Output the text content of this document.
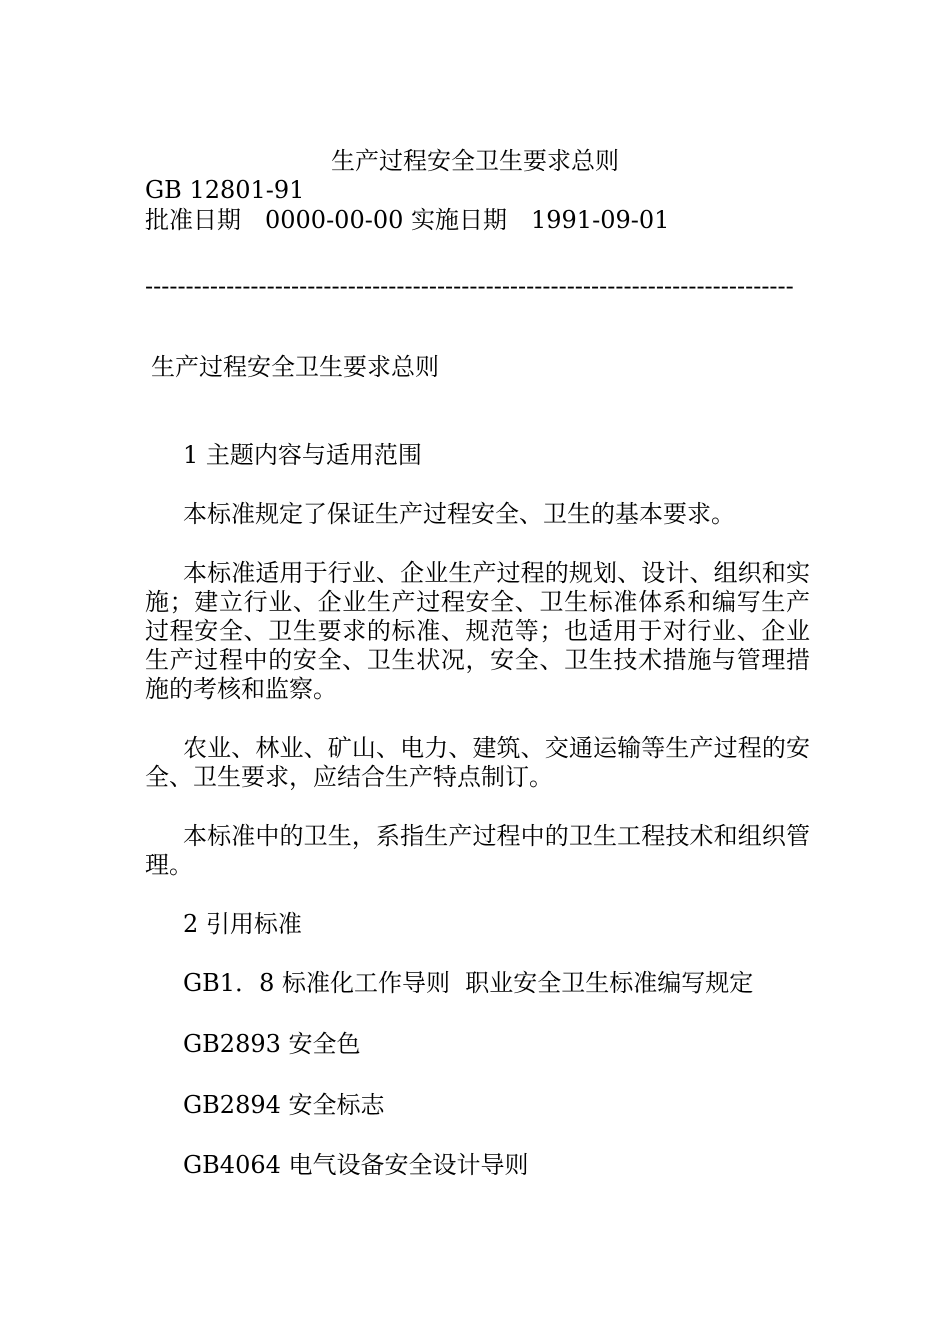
生产过程安全卫生要求总则
GB 12801-91
批准日期　0000-00-00 实施日期　1991-09-01
--------------------------------------------------------------------------------
生产过程安全卫生要求总则
1 主题内容与适用范围
本标准规定了保证生产过程安全、卫生的基本要求。
本标准适用于行业、企业生产过程的规划、设计、组织和实施；建立行业、企业生产过程安全、卫生标准体系和编写生产过程安全、卫生要求的标准、规范等；也适用于对行业、企业生产过程中的安全、卫生状况，安全、卫生技术措施与管理措施的考核和监察。
农业、林业、矿山、电力、建筑、交通运输等生产过程的安全、卫生要求，应结合生产特点制订。
本标准中的卫生，系指生产过程中的卫生工程技术和组织管理。
2 引用标准
GB1．8 标准化工作导则  职业安全卫生标准编写规定
GB2893 安全色
GB2894 安全标志
GB4064 电气设备安全设计导则
